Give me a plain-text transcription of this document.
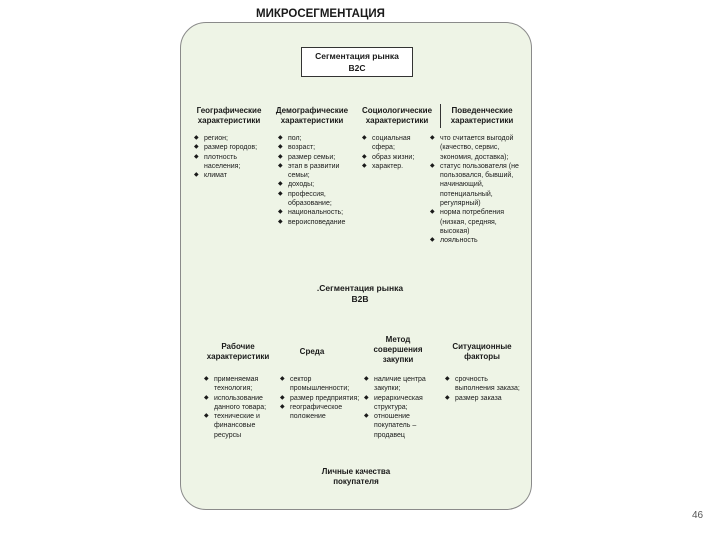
МИКРОСЕГМЕНТАЦИЯ
Сегментация рынка
B2C
Географические
характеристики
Демографические
характеристики
Социологические
характеристики
Поведенческие
характеристики
◆ регион;
◆ размер городов;
◆ плотность населения;
◆ климат
◆ пол;
◆ возраст;
◆ размер семьи;
◆ этап в развитии семьи;
◆ доходы;
◆ профессия, образование;
◆ национальность;
◆ вероисповедание
◆ социальная сфера;
◆ образ жизни;
◆ характер.
◆ что считается выгодой (качество, сервис, экономия, доставка);
◆ статус пользователя (не пользовался, бывший, начинающий, потенциальный, регулярный)
◆ норма потребления (низкая, средняя, высокая)
◆ лояльность
.Сегментация рынка
B2B
Рабочие
характеристики
Среда
Метод
совершения
закупки
Ситуационные
факторы
◆ применяемая технология;
◆ использование данного товара;
◆ технические и финансовые ресурсы
◆ сектор промышленности;
◆ размер предприятия;
◆ географическое положение
◆ наличие центра закупки;
◆ иерархическая структура;
◆ отношение покупатель – продавец
◆ срочность выполнения заказа;
◆ размер заказа
Личные качества
покупателя
46
